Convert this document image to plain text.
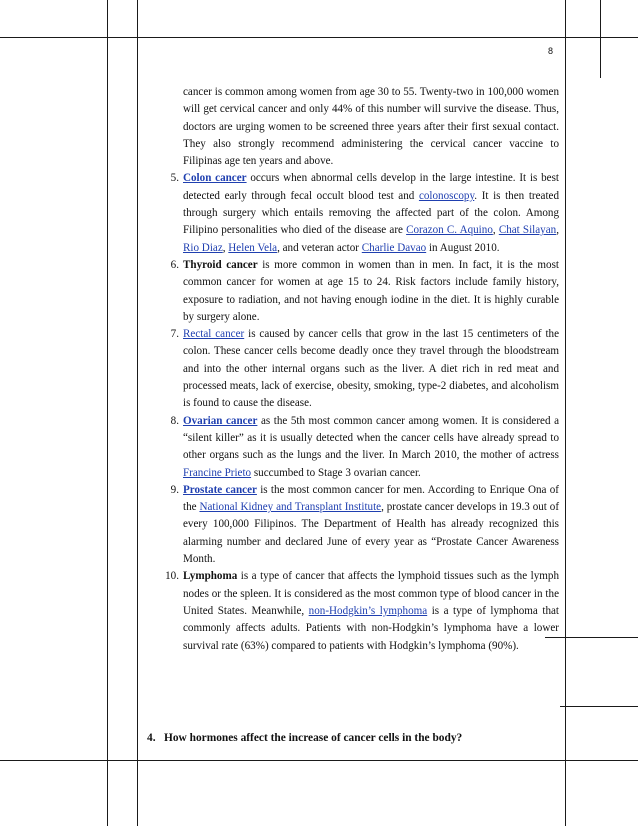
8

cancer is common among women from age 30 to 55. Twenty-two in 100,000 women will get cervical cancer and only 44% of this number will survive the disease. Thus, doctors are urging women to be screened three years after their first sexual contact. They also strongly recommend administering the cervical cancer vaccine to Filipinas age ten years and above.

5. Colon cancer occurs when abnormal cells develop in the large intestine. It is best detected early through fecal occult blood test and colonoscopy. It is then treated through surgery which entails removing the affected part of the colon. Among Filipino personalities who died of the disease are Corazon C. Aquino, Chat Silayan, Rio Diaz, Helen Vela, and veteran actor Charlie Davao in August 2010.
6. Thyroid cancer is more common in women than in men. In fact, it is the most common cancer for women at age 15 to 24. Risk factors include family history, exposure to radiation, and not having enough iodine in the diet. It is highly curable by surgery alone.
7. Rectal cancer is caused by cancer cells that grow in the last 15 centimeters of the colon. These cancer cells become deadly once they travel through the bloodstream and into the other internal organs such as the liver. A diet rich in red meat and processed meats, lack of exercise, obesity, smoking, type-2 diabetes, and alcoholism is found to cause the disease.
8. Ovarian cancer as the 5th most common cancer among women. It is considered a “silent killer” as it is usually detected when the cancer cells have already spread to other organs such as the lungs and the liver. In March 2010, the mother of actress Francine Prieto succumbed to Stage 3 ovarian cancer.
9. Prostate cancer is the most common cancer for men. According to Enrique Ona of the National Kidney and Transplant Institute, prostate cancer develops in 19.3 out of every 100,000 Filipinos. The Department of Health has already recognized this alarming number and declared June of every year as “Prostate Cancer Awareness Month.
10. Lymphoma is a type of cancer that affects the lymphoid tissues such as the lymph nodes or the spleen. It is considered as the most common type of blood cancer in the United States. Meanwhile, non-Hodgkin’s lymphoma is a type of lymphoma that commonly affects adults. Patients with non-Hodgkin’s lymphoma have a lower survival rate (63%) compared to patients with Hodgkin’s lymphoma (90%).
4. How hormones affect the increase of cancer cells in the body?
